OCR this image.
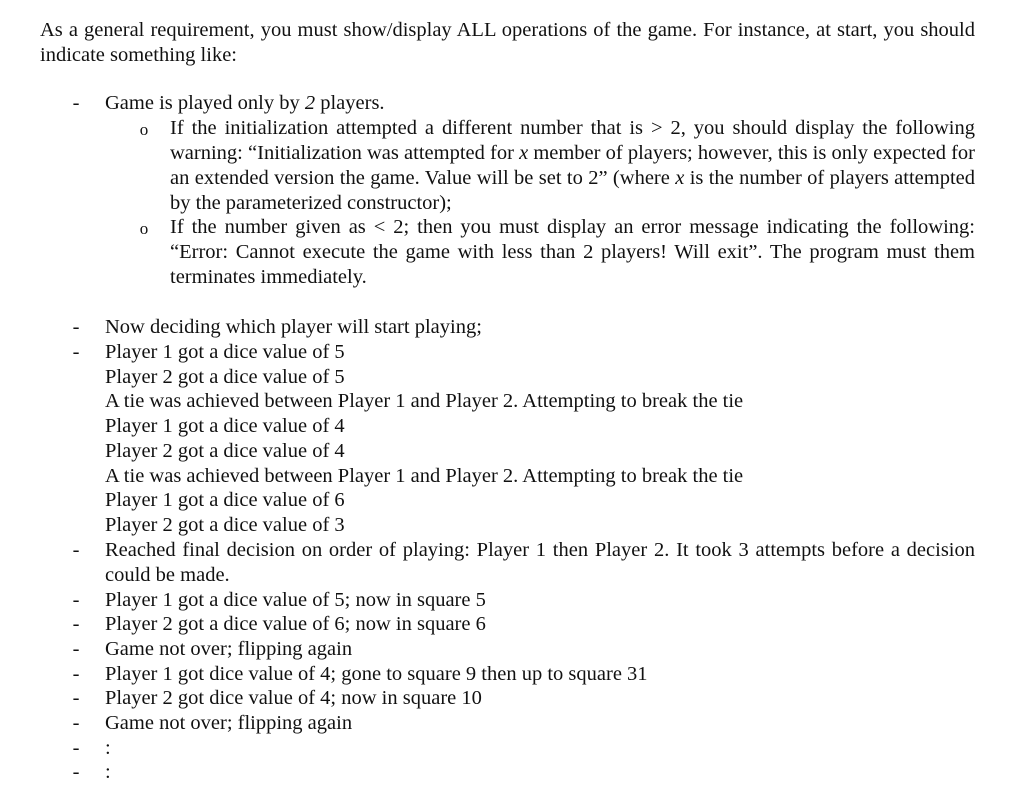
As a general requirement, you must show/display ALL operations of the game. For instance, at start, you should indicate something like:

- Game is played only by 2 players.
o If the initialization attempted a different number that is > 2, you should display the following warning: “Initialization was attempted for x member of players; however, this is only expected for an extended version the game. Value will be set to 2” (where x is the number of players attempted by the parameterized constructor);

o If the number given as < 2; then you must display an error message indicating the following: “Error: Cannot execute the game with less than 2 players! Will exit”. The program must them terminates immediately.

- Now deciding which player will start playing;
- Player 1 got a dice value of 5
Player 2 got a dice value of 5
A tie was achieved between Player 1 and Player 2. Attempting to break the tie
Player 1 got a dice value of 4
Player 2 got a dice value of 4
A tie was achieved between Player 1 and Player 2. Attempting to break the tie
Player 1 got a dice value of 6
Player 2 got a dice value of 3
- Reached final decision on order of playing: Player 1 then Player 2. It took 3 attempts before a decision could be made.

- Player 1 got a dice value of 5; now in square 5
- Player 2 got a dice value of 6; now in square 6
- Game not over; flipping again
- Player 1 got dice value of 4; gone to square 9 then up to square 31
- Player 2 got dice value of 4; now in square 10
- Game not over; flipping again
- :
- :
